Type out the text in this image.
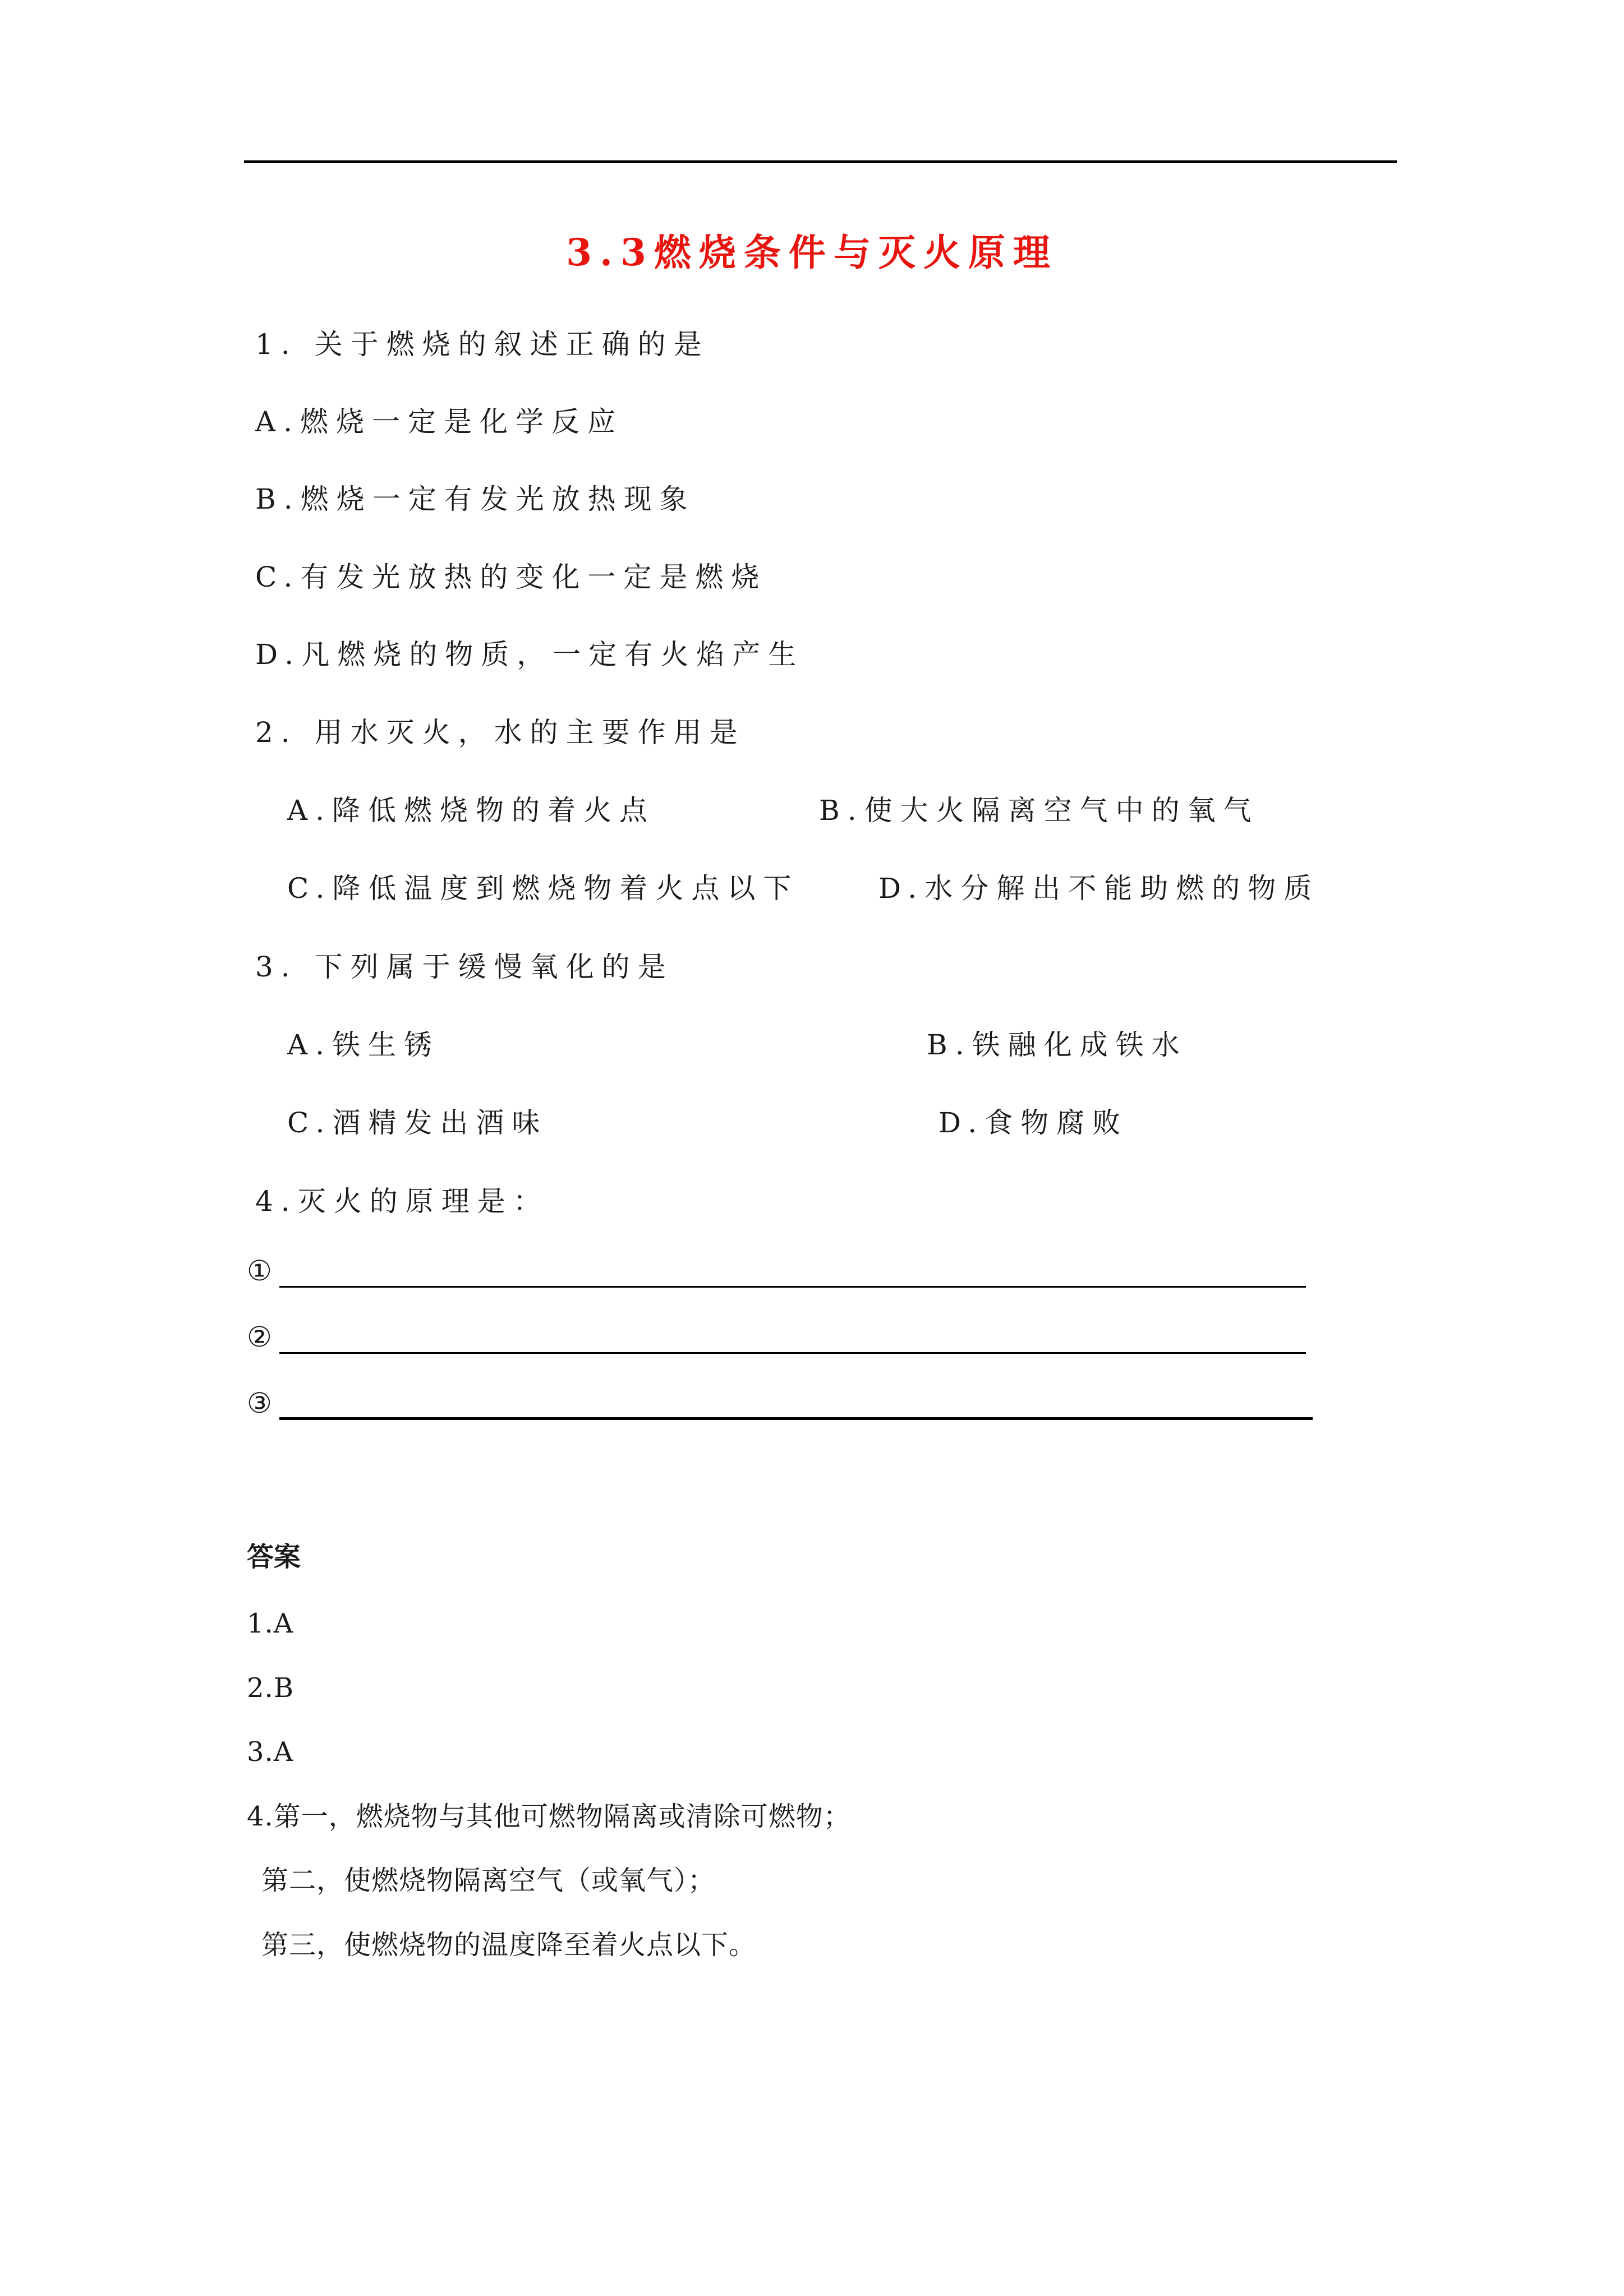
3.3燃烧条件与灭火原理
1. 关于燃烧的叙述正确的是
A.燃烧一定是化学反应
B.燃烧一定有发光放热现象
C.有发光放热的变化一定是燃烧
D.凡燃烧的物质，一定有火焰产生
2. 用水灭火，水的主要作用是
A.降低燃烧物的着火点	B.使大火隔离空气中的氧气
C.降低温度到燃烧物着火点以下	D.水分解出不能助燃的物质
3. 下列属于缓慢氧化的是
A.铁生锈	B.铁融化成铁水
C.酒精发出酒味	D.食物腐败
4.灭火的原理是：
①
②
③
答案
1.A
2.B
3.A
4.第一，燃烧物与其他可燃物隔离或清除可燃物；
第二，使燃烧物隔离空气（或氧气）；
第三，使燃烧物的温度降至着火点以下。
